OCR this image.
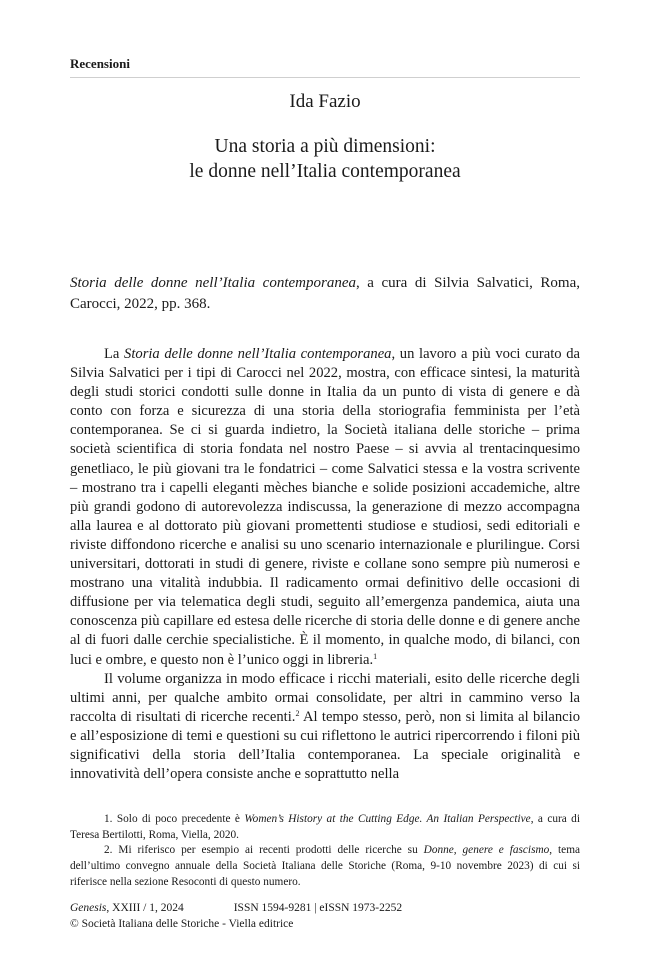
Recensioni
Ida Fazio
Una storia a più dimensioni:
le donne nell’Italia contemporanea
Storia delle donne nell’Italia contemporanea, a cura di Silvia Salvatici, Roma, Carocci, 2022, pp. 368.

La Storia delle donne nell’Italia contemporanea, un lavoro a più voci curato da Silvia Salvatici per i tipi di Carocci nel 2022, mostra, con efficace sintesi, la maturità degli studi storici condotti sulle donne in Italia da un punto di vista di genere e dà conto con forza e sicurezza di una storia della storiografia femminista per l’età contemporanea. Se ci si guarda indietro, la Società italiana delle storiche – prima società scientifica di storia fondata nel nostro Paese – si avvia al trentacinquesimo genetliaco, le più giovani tra le fondatrici – come Salvatici stessa e la vostra scrivente – mostrano tra i capelli eleganti mèches bianche e solide posizioni accademiche, altre più grandi godono di autorevolezza indiscussa, la generazione di mezzo accompagna alla laurea e al dottorato più giovani promettenti studiose e studiosi, sedi editoriali e riviste diffondono ricerche e analisi su uno scenario internazionale e plurilingue. Corsi universitari, dottorati in studi di genere, riviste e collane sono sempre più numerosi e mostrano una vitalità indubbia. Il radicamento ormai definitivo delle occasioni di diffusione per via telematica degli studi, seguito all’emergenza pandemica, aiuta una conoscenza più capillare ed estesa delle ricerche di storia delle donne e di genere anche al di fuori dalle cerchie specialistiche. È il momento, in qualche modo, di bilanci, con luci e ombre, e questo non è l’unico oggi in libreria.$^1$

Il volume organizza in modo efficace i ricchi materiali, esito delle ricerche degli ultimi anni, per qualche ambito ormai consolidate, per altri in cammino verso la raccolta di risultati di ricerche recenti.$^2$ Al tempo stesso, però, non si limita al bilancio e all’esposizione di temi e questioni su cui riflettono le autrici ripercorrendo i filoni più significativi della storia dell’Italia contemporanea. La speciale originalità e innovatività dell’opera consiste anche e soprattutto nella

1. Solo di poco precedente è Women’s History at the Cutting Edge. An Italian Perspective, a cura di Teresa Bertilotti, Roma, Viella, 2020.

2. Mi riferisco per esempio ai recenti prodotti delle ricerche su Donne, genere e fascismo, tema dell’ultimo convegno annuale della Società Italiana delle Storiche (Roma, 9-10 novembre 2023) di cui si riferisce nella sezione Resoconti di questo numero.

Genesis, XXIII / 1, 2024	ISSN 1594-9281 | eISSN 1973-2252
© Società Italiana delle Storiche - Viella editrice
